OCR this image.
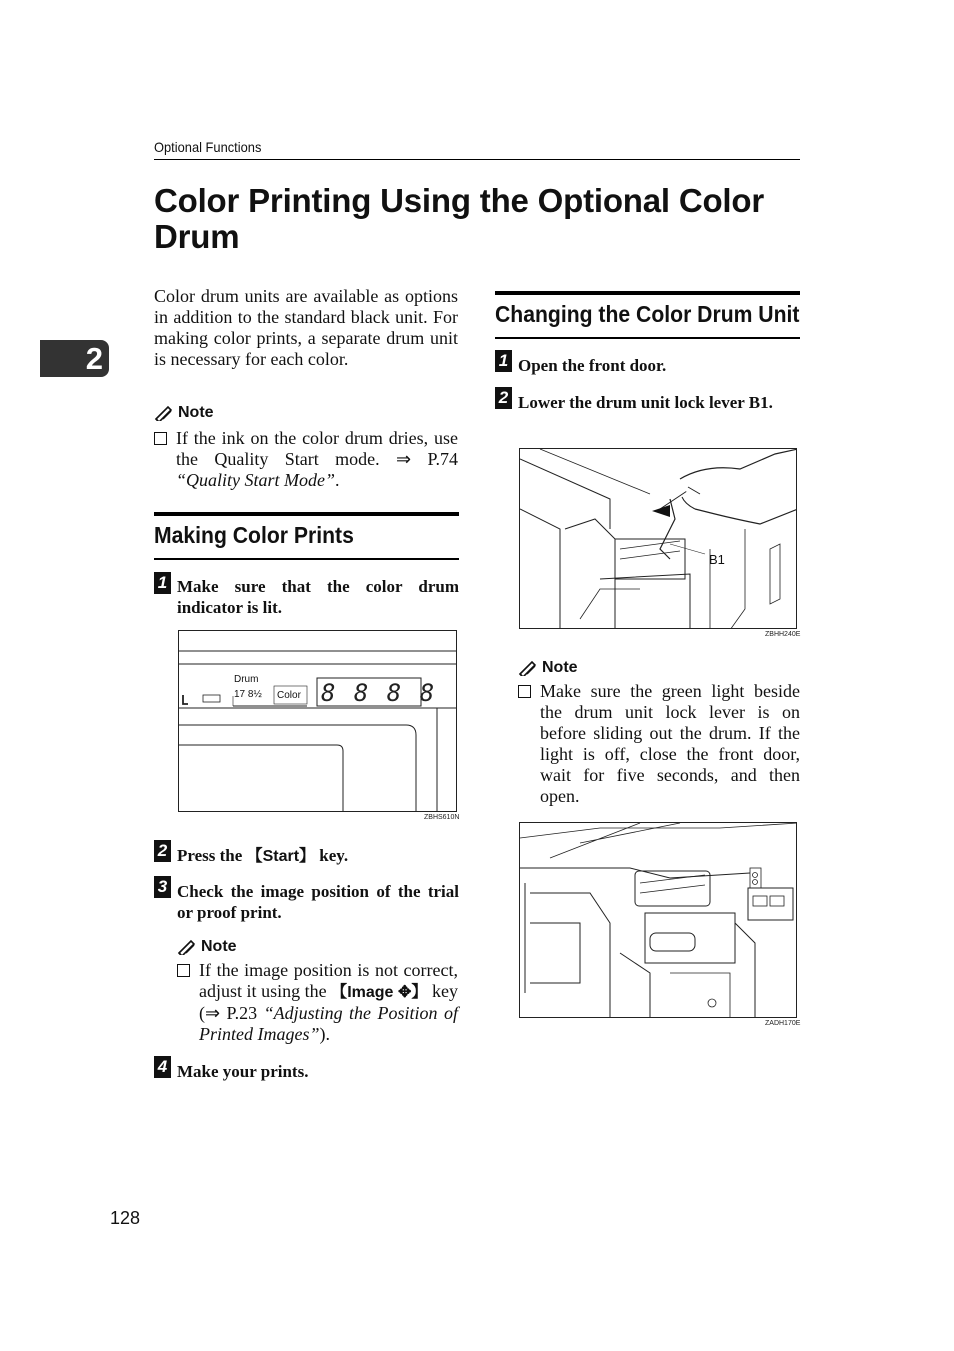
Optional Functions
2
Color Printing Using the Optional Color Drum
Color drum units are available as options in addition to the standard black unit. For making color prints, a separate drum unit is necessary for each color.
Note
If the ink on the color drum dries, use the Quality Start mode. ⇒ P.74 “Quality Start Mode”.
Making Color Prints
1 Make sure that the color drum indicator is lit.
Drum
17 8½ Color 8 8 8 8
ZBHS610N
2 Press the 【Start】 key.
3 Check the image position of the trial or proof print.
Note
If the image position is not correct, adjust it using the 【Image ✥】 key (⇒ P.23 “Adjusting the Position of Printed Images”).
4 Make your prints.
Changing the Color Drum Unit
1 Open the front door.
2 Lower the drum unit lock lever B1.
B1
ZBHH240E
Note
Make sure the green light beside the drum unit lock lever is on before sliding out the drum. If the light is off, close the front door, wait for five seconds, and then open.
ZADH170E
128
